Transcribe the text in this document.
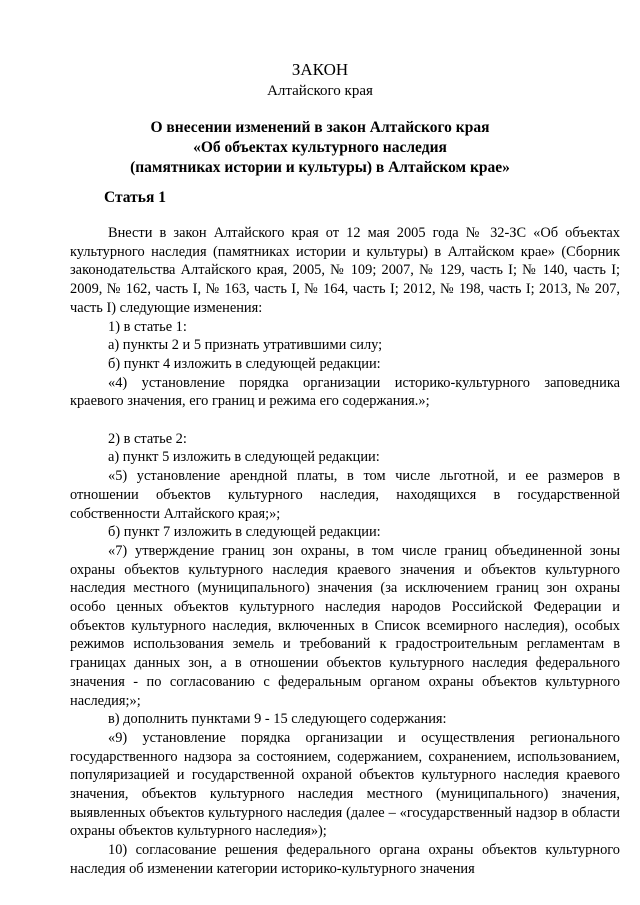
ЗАКОН
Алтайского края
О внесении изменений в закон Алтайского края
«Об объектах культурного наследия
(памятниках истории и культуры) в Алтайском крае»
Статья 1

Внести в закон Алтайского края от 12 мая 2005 года № 32-ЗС «Об объектах культурного наследия (памятниках истории и культуры) в Алтайском крае» (Сборник законодательства Алтайского края, 2005, № 109; 2007, № 129, часть I; № 140, часть I; 2009, № 162, часть I, № 163, часть I, № 164, часть I; 2012, № 198, часть I; 2013, № 207, часть I) следующие изменения:

1) в статье 1:

а) пункты 2 и 5 признать утратившими силу;

б) пункт 4 изложить в следующей редакции:

«4) установление порядка организации историко-культурного заповедника краевого значения, его границ и режима его содержания.»;

2) в статье 2:

а) пункт 5 изложить в следующей редакции:

«5) установление арендной платы, в том числе льготной, и ее размеров в отношении объектов культурного наследия, находящихся в государственной собственности Алтайского края;»;

б) пункт 7 изложить в следующей редакции:

«7) утверждение границ зон охраны, в том числе границ объединенной зоны охраны объектов культурного наследия краевого значения и объектов культурного наследия местного (муниципального) значения (за исключением границ зон охраны особо ценных объектов культурного наследия народов Российской Федерации и объектов культурного наследия, включенных в Список всемирного наследия), особых режимов использования земель и требований к градостроительным регламентам в границах данных зон, а в отношении объектов культурного наследия федерального значения - по согласованию с федеральным органом охраны объектов культурного наследия;»;

в) дополнить пунктами 9 - 15 следующего содержания:

«9) установление порядка организации и осуществления регионального государственного надзора за состоянием, содержанием, сохранением, использованием, популяризацией и государственной охраной объектов культурного наследия краевого значения, объектов культурного наследия местного (муниципального) значения, выявленных объектов культурного наследия (далее – «государственный надзор в области охраны объектов культурного наследия»);

10) согласование решения федерального органа охраны объектов культурного наследия об изменении категории историко-культурного значения
